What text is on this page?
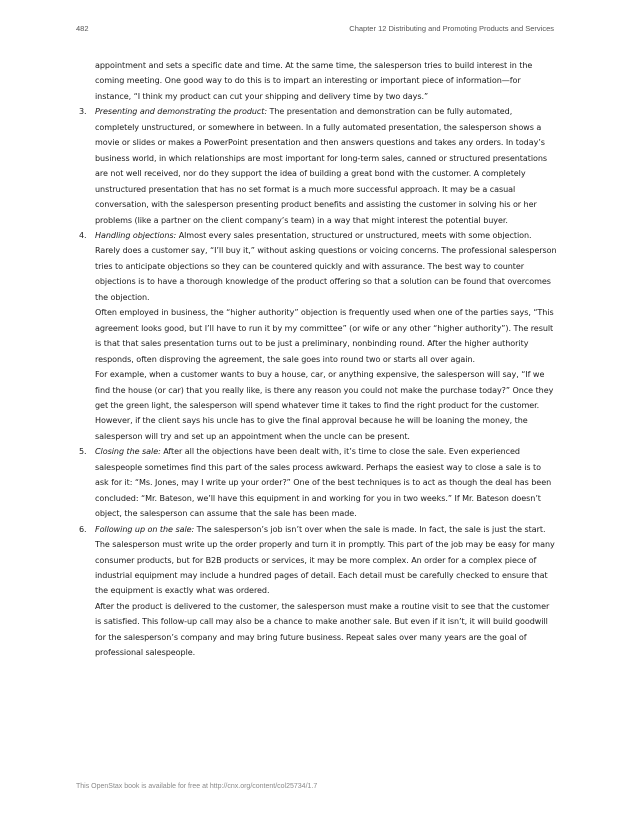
482	Chapter 12 Distributing and Promoting Products and Services

appointment and sets a specific date and time. At the same time, the salesperson tries to build interest in the coming meeting. One good way to do this is to impart an interesting or important piece of information—for instance, “I think my product can cut your shipping and delivery time by two days.”

3. Presenting and demonstrating the product: The presentation and demonstration can be fully automated, completely unstructured, or somewhere in between. In a fully automated presentation, the salesperson shows a movie or slides or makes a PowerPoint presentation and then answers questions and takes any orders. In today’s business world, in which relationships are most important for long-term sales, canned or structured presentations are not well received, nor do they support the idea of building a great bond with the customer. A completely unstructured presentation that has no set format is a much more successful approach. It may be a casual conversation, with the salesperson presenting product benefits and assisting the customer in solving his or her problems (like a partner on the client company’s team) in a way that might interest the potential buyer.

4. Handling objections: Almost every sales presentation, structured or unstructured, meets with some objection. Rarely does a customer say, “I’ll buy it,” without asking questions or voicing concerns. The professional salesperson tries to anticipate objections so they can be countered quickly and with assurance. The best way to counter objections is to have a thorough knowledge of the product offering so that a solution can be found that overcomes the objection.

Often employed in business, the “higher authority” objection is frequently used when one of the parties says, “This agreement looks good, but I’ll have to run it by my committee” (or wife or any other “higher authority”). The result is that that sales presentation turns out to be just a preliminary, nonbinding round. After the higher authority responds, often disproving the agreement, the sale goes into round two or starts all over again.

For example, when a customer wants to buy a house, car, or anything expensive, the salesperson will say, “If we find the house (or car) that you really like, is there any reason you could not make the purchase today?” Once they get the green light, the salesperson will spend whatever time it takes to find the right product for the customer. However, if the client says his uncle has to give the final approval because he will be loaning the money, the salesperson will try and set up an appointment when the uncle can be present.

5. Closing the sale: After all the objections have been dealt with, it’s time to close the sale. Even experienced salespeople sometimes find this part of the sales process awkward. Perhaps the easiest way to close a sale is to ask for it: “Ms. Jones, may I write up your order?” One of the best techniques is to act as though the deal has been concluded: “Mr. Bateson, we’ll have this equipment in and working for you in two weeks.” If Mr. Bateson doesn’t object, the salesperson can assume that the sale has been made.

6. Following up on the sale: The salesperson’s job isn’t over when the sale is made. In fact, the sale is just the start. The salesperson must write up the order properly and turn it in promptly. This part of the job may be easy for many consumer products, but for B2B products or services, it may be more complex. An order for a complex piece of industrial equipment may include a hundred pages of detail. Each detail must be carefully checked to ensure that the equipment is exactly what was ordered.

After the product is delivered to the customer, the salesperson must make a routine visit to see that the customer is satisfied. This follow-up call may also be a chance to make another sale. But even if it isn’t, it will build goodwill for the salesperson’s company and may bring future business. Repeat sales over many years are the goal of professional salespeople.

This OpenStax book is available for free at http://cnx.org/content/col25734/1.7
